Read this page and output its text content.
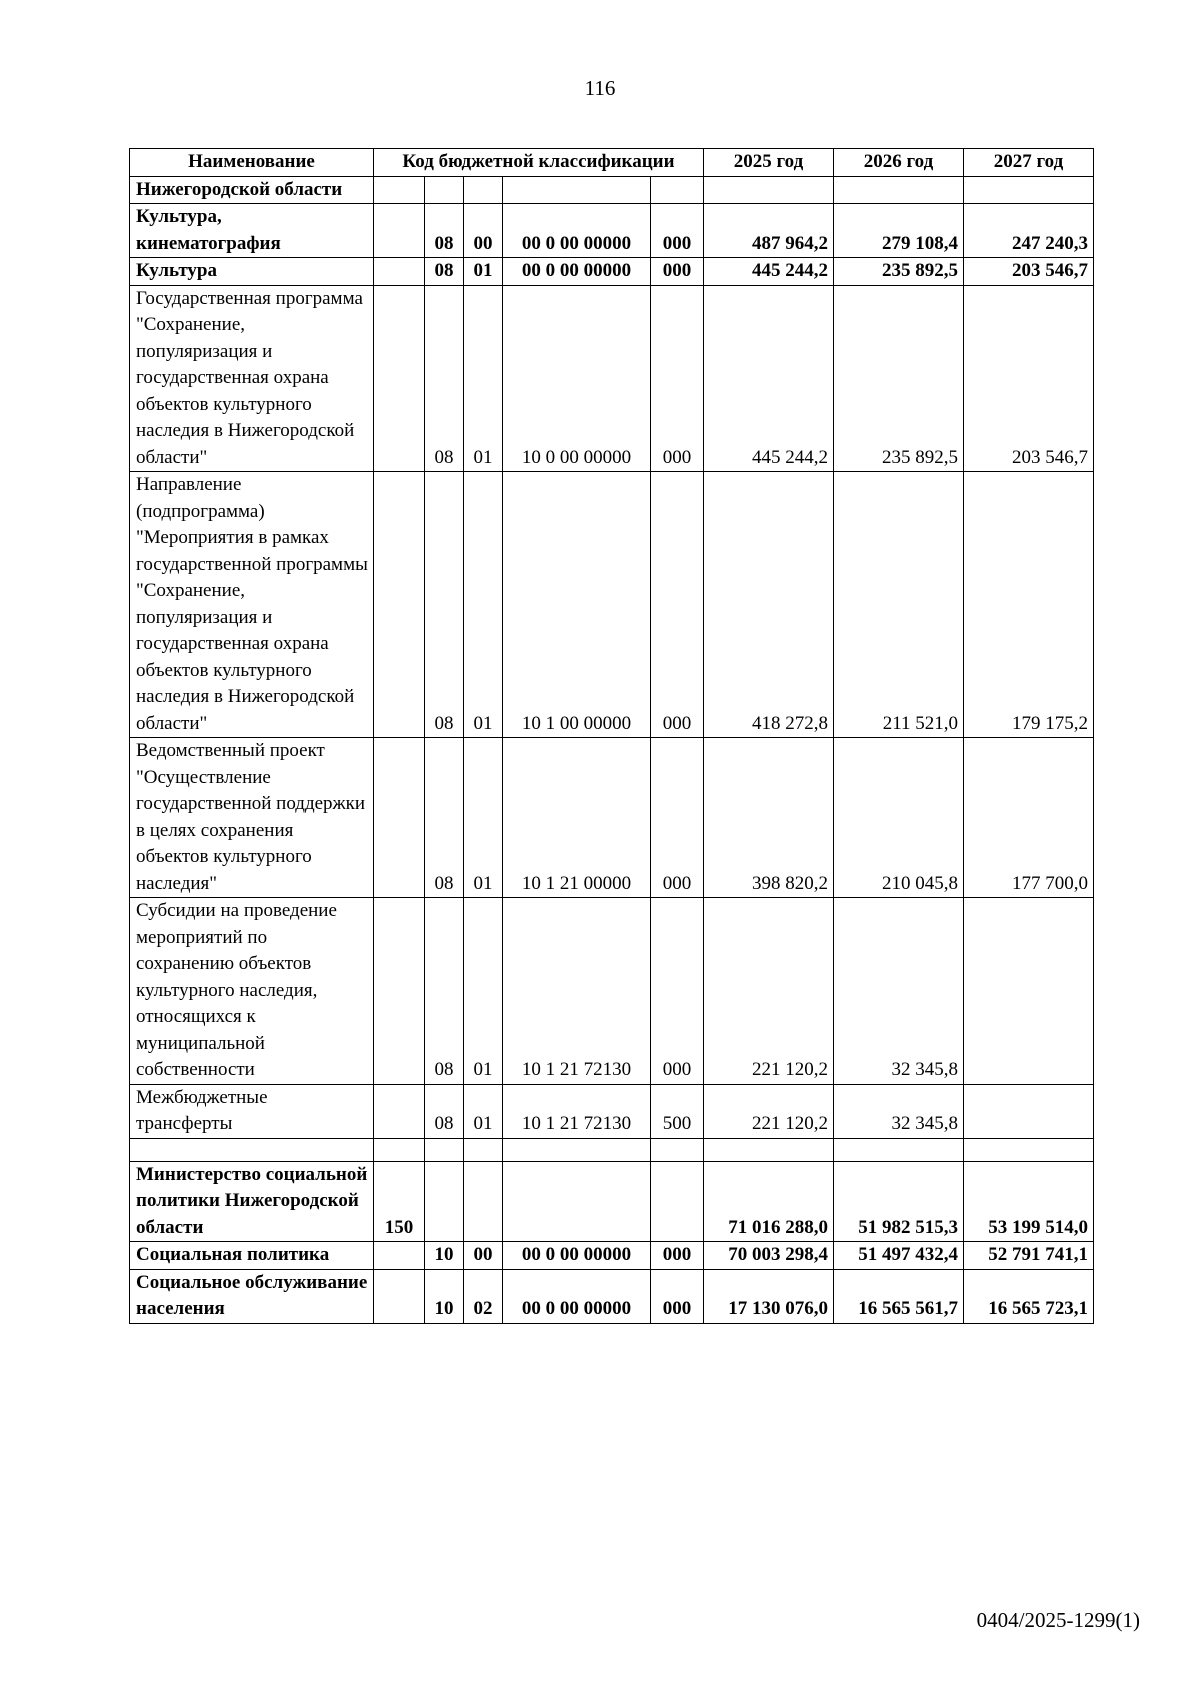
116
Наименование	Код бюджетной классификации					2025 год	2026 год	2027 год
Нижегородской области								
Культура, кинематография		08	00	00 0 00 00000	000	487 964,2	279 108,4	247 240,3
Культура		08	01	00 0 00 00000	000	445 244,2	235 892,5	203 546,7
Государственная программа "Сохранение, популяризация и государственная охрана объектов культурного наследия в Нижегородской области"		08	01	10 0 00 00000	000	445 244,2	235 892,5	203 546,7
Направление (подпрограмма) "Мероприятия в рамках государственной программы "Сохранение, популяризация и государственная охрана объектов культурного наследия в Нижегородской области"		08	01	10 1 00 00000	000	418 272,8	211 521,0	179 175,2
Ведомственный проект "Осуществление государственной поддержки в целях сохранения объектов культурного наследия"		08	01	10 1 21 00000	000	398 820,2	210 045,8	177 700,0
Субсидии на проведение мероприятий по сохранению объектов культурного наследия, относящихся к муниципальной собственности		08	01	10 1 21 72130	000	221 120,2	32 345,8	
Межбюджетные трансферты		08	01	10 1 21 72130	500	221 120,2	32 345,8	

Министерство социальной политики Нижегородской области	150					71 016 288,0	51 982 515,3	53 199 514,0
Социальная политика		10	00	00 0 00 00000	000	70 003 298,4	51 497 432,4	52 791 741,1
Социальное обслуживание населения		10	02	00 0 00 00000	000	17 130 076,0	16 565 561,7	16 565 723,1
0404/2025-1299(1)
